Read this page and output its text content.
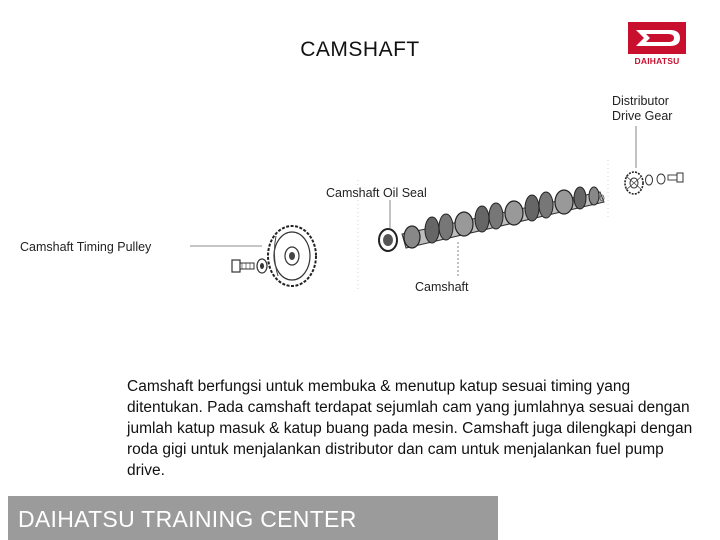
CAMSHAFT	DAIHATSU
Distributor
Drive Gear
Camshaft Oil Seal
Camshaft Timing Pulley
Camshaft

Camshaft berfungsi untuk membuka & menutup katup sesuai timing yang ditentukan. Pada camshaft terdapat sejumlah cam yang jumlahnya sesuai dengan jumlah katup masuk & katup buang pada mesin. Camshaft juga dilengkapi dengan roda gigi untuk menjalankan distributor dan cam untuk menjalankan fuel pump drive.

DAIHATSU TRAINING CENTER
